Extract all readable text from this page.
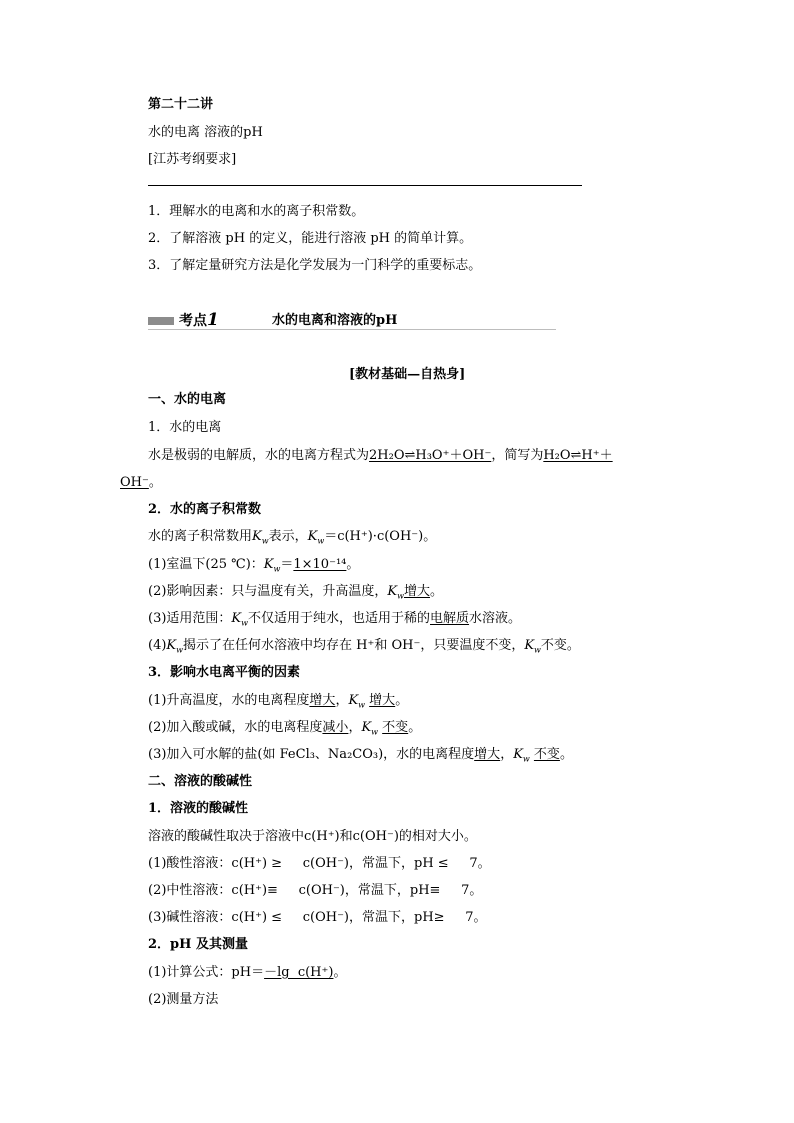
第二十二讲
水的电离 溶液的pH
[江苏考纲要求]
1．理解水的电离和水的离子积常数。
2．了解溶液 pH 的定义，能进行溶液 pH 的简单计算。
3．了解定量研究方法是化学发展为一门科学的重要标志。
考点1	水的电离和溶液的pH
[教材基础—自热身]
一、水的电离
1．水的电离
水是极弱的电解质，水的电离方程式为2H₂O⇌H₃O⁺＋OH⁻，简写为H₂O⇌H⁺＋
OH⁻。
2．水的离子积常数
水的离子积常数用$K_w$表示，$K_w=c(H^+)\cdot c(OH^-)$。
(1)室温下(25 ℃)：$K_w=1\times 10^{-14}$。
(2)影响因素：只与温度有关，升高温度，$K_w$增大。
(3)适用范围：$K_w$不仅适用于纯水，也适用于稀的电解质水溶液。
$(4)K_w$揭示了在任何水溶液中均存在 H⁺和 OH⁻，只要温度不变，$K_w$不变。
3．影响水电离平衡的因素
(1)升高温度，水的电离程度增大，$K_w$ 增大。
(2)加入酸或碱，水的电离程度减小，$K_w$ 不变。
(3)加入可水解的盐(如 FeCl₃、Na₂CO₃)，水的电离程度增大，$K_w$ 不变。
二、溶液的酸碱性
1．溶液的酸碱性
溶液的酸碱性取决于溶液中c(H⁺)和c(OH⁻)的相对大小。
(1)酸性溶液：c(H⁺) ≥     c(OH⁻)，常温下，pH ≤     7。
(2)中性溶液：c(H⁺)≡     c(OH⁻)，常温下，pH≡     7。
(3)碱性溶液：c(H⁺) ≤     c(OH⁻)，常温下，pH≥     7。
2．pH 及其测量
(1)计算公式：pH＝－lg  c(H⁺)。
(2)测量方法
